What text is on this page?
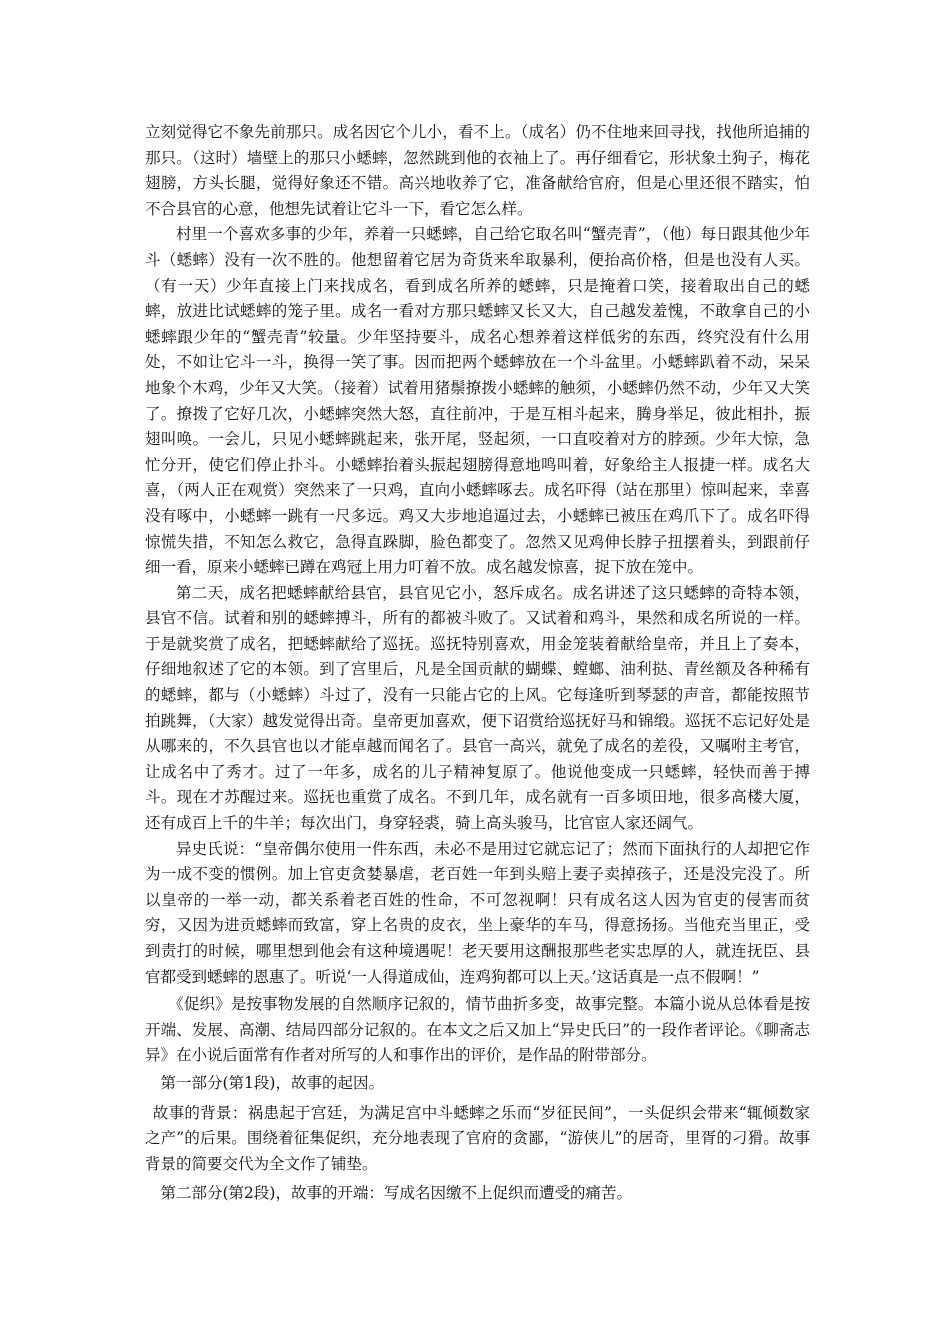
立刻觉得它不象先前那只。成名因它个儿小，看不上。（成名）仍不住地来回寻找，找他所追捕的那只。（这时）墙壁上的那只小蟋蟀，忽然跳到他的衣袖上了。再仔细看它，形状象土狗子，梅花翅膀，方头长腿，觉得好象还不错。高兴地收养了它，准备献给官府，但是心里还很不踏实，怕不合县官的心意，他想先试着让它斗一下，看它怎么样。

村里一个喜欢多事的少年，养着一只蟋蟀，自己给它取名叫“蟹壳青”，（他）每日跟其他少年斗（蟋蟀）没有一次不胜的。他想留着它居为奇货来牟取暴利，便抬高价格，但是也没有人买。（有一天）少年直接上门来找成名，看到成名所养的蟋蟀，只是掩着口笑，接着取出自己的蟋蟀，放进比试蟋蟀的笼子里。成名一看对方那只蟋蟀又长又大，自己越发羞愧，不敢拿自己的小蟋蟀跟少年的“蟹壳青”较量。少年坚持要斗，成名心想养着这样低劣的东西，终究没有什么用处，不如让它斗一斗，换得一笑了事。因而把两个蟋蟀放在一个斗盆里。小蟋蟀趴着不动，呆呆地象个木鸡，少年又大笑。（接着）试着用猪鬃撩拨小蟋蟀的触须，小蟋蟀仍然不动，少年又大笑了。撩拨了它好几次，小蟋蟀突然大怒，直往前冲，于是互相斗起来，腾身举足，彼此相扑，振翅叫唤。一会儿，只见小蟋蟀跳起来，张开尾，竖起须，一口直咬着对方的脖颈。少年大惊，急忙分开，使它们停止扑斗。小蟋蟀抬着头振起翅膀得意地鸣叫着，好象给主人报捷一样。成名大喜，（两人正在观赏）突然来了一只鸡，直向小蟋蟀啄去。成名吓得（站在那里）惊叫起来，幸喜没有啄中，小蟋蟀一跳有一尺多远。鸡又大步地追逼过去，小蟋蟀已被压在鸡爪下了。成名吓得惊慌失措，不知怎么救它，急得直跺脚，脸色都变了。忽然又见鸡伸长脖子扭摆着头，到跟前仔细一看，原来小蟋蟀已蹲在鸡冠上用力叮着不放。成名越发惊喜，捉下放在笼中。

第二天，成名把蟋蟀献给县官，县官见它小，怒斥成名。成名讲述了这只蟋蟀的奇特本领，县官不信。试着和别的蟋蟀搏斗，所有的都被斗败了。又试着和鸡斗，果然和成名所说的一样。于是就奖赏了成名，把蟋蟀献给了巡抚。巡抚特别喜欢，用金笼装着献给皇帝，并且上了奏本，仔细地叙述了它的本领。到了宫里后，凡是全国贡献的蝴蝶、螳螂、油利挞、青丝额及各种稀有的蟋蟀，都与（小蟋蟀）斗过了，没有一只能占它的上风。它每逢听到琴瑟的声音，都能按照节拍跳舞，（大家）越发觉得出奇。皇帝更加喜欢，便下诏赏给巡抚好马和锦缎。巡抚不忘记好处是从哪来的，不久县官也以才能卓越而闻名了。县官一高兴，就免了成名的差役，又嘱咐主考官，让成名中了秀才。过了一年多，成名的儿子精神复原了。他说他变成一只蟋蟀，轻快而善于搏斗。现在才苏醒过来。巡抚也重赏了成名。不到几年，成名就有一百多顷田地，很多高楼大厦，还有成百上千的牛羊；每次出门，身穿轻裘，骑上高头骏马，比官宦人家还阔气。

异史氏说：“皇帝偶尔使用一件东西，未必不是用过它就忘记了；然而下面执行的人却把它作为一成不变的惯例。加上官吏贪婪暴虐，老百姓一年到头赔上妻子卖掉孩子，还是没完没了。所以皇帝的一举一动，都关系着老百姓的性命，不可忽视啊！只有成名这人因为官吏的侵害而贫穷，又因为进贡蟋蟀而致富，穿上名贵的皮衣，坐上豪华的车马，得意扬扬。当他充当里正，受到责打的时候，哪里想到他会有这种境遇呢！老天要用这酬报那些老实忠厚的人，就连抚臣、县官都受到蟋蟀的恩惠了。听说‘一人得道成仙，连鸡狗都可以上天。’这话真是一点不假啊！”

《促织》是按事物发展的自然顺序记叙的，情节曲折多变，故事完整。本篇小说从总体看是按开端、发展、高潮、结局四部分记叙的。在本文之后又加上“异史氏曰”的一段作者评论。《聊斋志异》在小说后面常有作者对所写的人和事作出的评价，是作品的附带部分。

第一部分(第1段)，故事的起因。

故事的背景：祸患起于宫廷，为满足宫中斗蟋蟀之乐而“岁征民间”，一头促织会带来“辄倾数家之产”的后果。围绕着征集促织，充分地表现了官府的贪鄙，“游侠儿”的居奇，里胥的刁猾。故事背景的简要交代为全文作了铺垫。

第二部分(第2段)，故事的开端：写成名因缴不上促织而遭受的痛苦。
